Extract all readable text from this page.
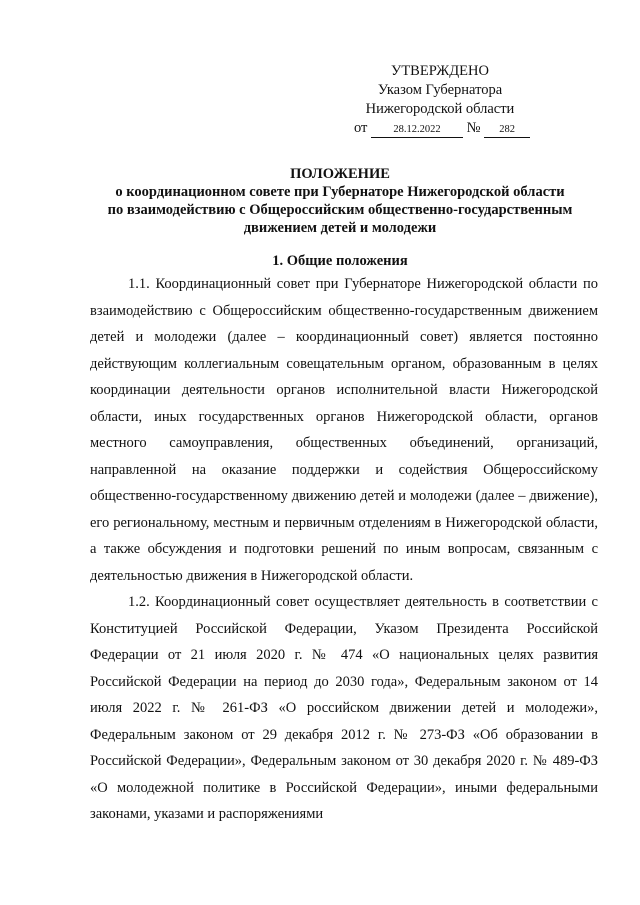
УТВЕРЖДЕНО
Указом Губернатора
Нижегородской области
от 28.12.2022 № 282
ПОЛОЖЕНИЕ
о координационном совете при Губернаторе Нижегородской области
по взаимодействию с Общероссийским общественно-государственным
движением детей и молодежи
1. Общие положения

1.1. Координационный совет при Губернаторе Нижегородской области по взаимодействию с Общероссийским общественно-государственным движением детей и молодежи (далее – координационный совет) является постоянно действующим коллегиальным совещательным органом, образованным в целях координации деятельности органов исполнительной власти Нижегородской области, иных государственных органов Нижегородской области, органов местного самоуправления, общественных объединений, организаций, направленной на оказание поддержки и содействия Общероссийскому общественно-государственному движению детей и молодежи (далее – движение), его региональному, местным и первичным отделениям в Нижегородской области, а также обсуждения и подготовки решений по иным вопросам, связанным с деятельностью движения в Нижегородской области.

1.2. Координационный совет осуществляет деятельность в соответствии с Конституцией Российской Федерации, Указом Президента Российской Федерации от 21 июля 2020 г. № 474 «О национальных целях развития Российской Федерации на период до 2030 года», Федеральным законом от 14 июля 2022 г. № 261-ФЗ «О российском движении детей и молодежи», Федеральным законом от 29 декабря 2012 г. № 273-ФЗ «Об образовании в Российской Федерации», Федеральным законом от 30 декабря 2020 г. № 489-ФЗ «О молодежной политике в Российской Федерации», иными федеральными законами, указами и распоряжениями
